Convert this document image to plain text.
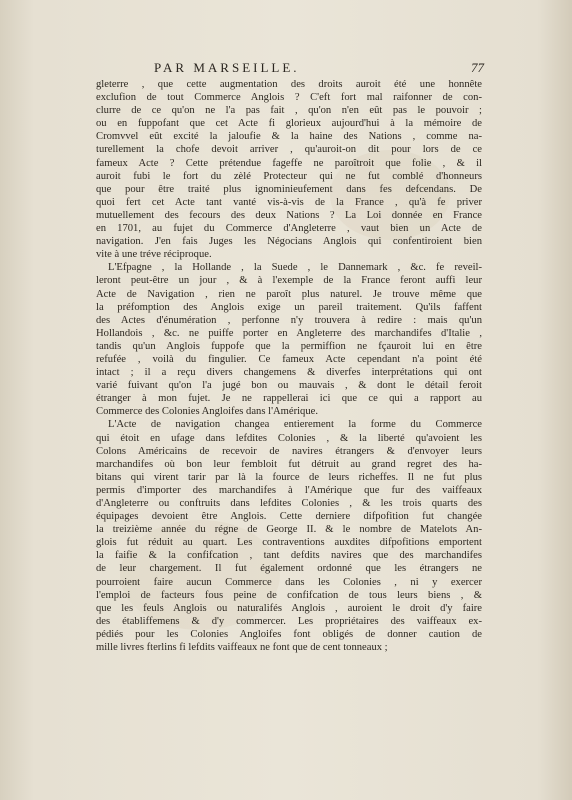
PAR MARSEILLE.	77
gleterre , que cette augmentation des droits auroit été une honnête
exclufion de tout Commerce Anglois ? C'eft fort mal raifonner de con-
clurre de ce qu'on ne l'a pas fait , qu'on n'en eût pas le pouvoir ;
ou en fuppofant que cet Acte fi glorieux aujourd'hui à la mémoire de
Cromvvel eût excité la jaloufie & la haine des Nations , comme na-
turellement la chofe devoit arriver , qu'auroit-on dit pour lors de ce
fameux Acte ? Cette prétendue fageffe ne paroîtroit que folie , & il
auroit fubi le fort du zèlé Protecteur qui ne fut comblé d'honneurs
que pour être traité plus ignominieufement dans fes defcendans. De
quoi fert cet Acte tant vanté vis-à-vis de la France , qu'à fe priver
mutuellement des fecours des deux Nations ? La Loi donnée en France
en 1701, au fujet du Commerce d'Angleterre , vaut bien un Acte de
navigation. J'en fais Juges les Négocians Anglois qui confentiroient bien
vite à une tréve réciproque.
L'Efpagne , la Hollande , la Suede , le Dannemark , &c. fe reveil-
leront peut-être un jour , & à l'exemple de la France feront auffi leur
Acte de Navigation , rien ne paroît plus naturel. Je trouve même que
la préfomption des Anglois exige un pareil traitement. Qu'ils faffent
des Actes d'énumération , perfonne n'y trouvera à redire : mais qu'un
Hollandois , &c. ne puiffe porter en Angleterre des marchandifes d'Italie ,
tandis qu'un Anglois fuppofe que la permiffion ne fçauroit lui en être
refufée , voilà du fingulier. Ce fameux Acte cependant n'a point été
intact ; il a reçu divers changemens & diverfes interprétations qui ont
varié fuivant qu'on l'a jugé bon ou mauvais , & dont le détail feroit
étranger à mon fujet. Je ne rappellerai ici que ce qui a rapport au
Commerce des Colonies Angloifes dans l'Amérique.
L'Acte de navigation changea entierement la forme du Commerce
qui étoit en ufage dans lefdites Colonies , & la liberté qu'avoient les
Colons Américains de recevoir de navires étrangers & d'envoyer leurs
marchandifes où bon leur fembloit fut détruit au grand regret des ha-
bitans qui virent tarir par là la fource de leurs richeffes. Il ne fut plus
permis d'importer des marchandifes à l'Amérique que fur des vaiffeaux
d'Angleterre ou conftruits dans lefdites Colonies , & les trois quarts des
équipages devoient être Anglois. Cette derniere difpofition fut changée
la treizième année du régne de George II. & le nombre de Matelots An-
glois fut réduit au quart. Les contraventions auxdites difpofitions emportent
la faifie & la confifcation , tant defdits navires que des marchandifes
de leur chargement. Il fut également ordonné que les étrangers ne
pourroient faire aucun Commerce dans les Colonies , ni y exercer
l'emploi de facteurs fous peine de confifcation de tous leurs biens , &
que les feuls Anglois ou naturalifés Anglois , auroient le droit d'y faire
des établiffemens & d'y commercer. Les propriétaires des vaiffeaux ex-
pédiés pour les Colonies Angloifes font obligés de donner caution de
mille livres fterlins fi lefdits vaiffeaux ne font que de cent tonneaux ;
